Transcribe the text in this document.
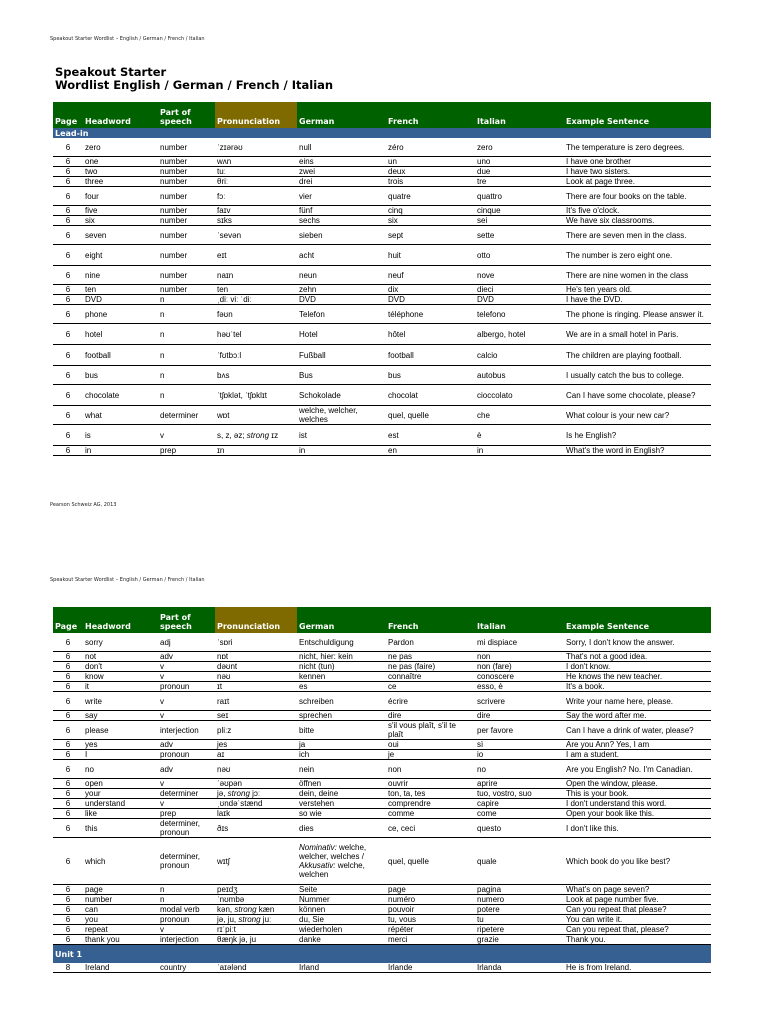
Speakout Starter Wordlist – English / German / French / Italian
Speakout Starter
Wordlist English / German / French / Italian
Page	Headword	Part of speech	Pronunciation	German	French	Italian	Example Sentence
Lead-in							
6	zero	number	ˈzɪərəʊ	null	zéro	zero	The temperature is zero degrees.
6	one	number	wʌn	eins	un	uno	I have one brother
6	two	number	tuː	zwei	deux	due	I have two sisters.
6	three	number	θriː	drei	trois	tre	Look at page three.
6	four	number	fɔː	vier	quatre	quattro	There are four books on the table.
6	five	number	faɪv	fünf	cinq	cinque	It's five o'clock.
6	six	number	sɪks	sechs	six	sei	We have six classrooms.
6	seven	number	ˈsevən	sieben	sept	sette	There are seven men in the class.
6	eight	number	eɪt	acht	huit	otto	The number is zero eight one.
6	nine	number	naɪn	neun	neuf	nove	There are nine women in the class
6	ten	number	ten	zehn	dix	dieci	He's ten years old.
6	DVD	n	ˌdiː viː ˈdiː	DVD	DVD	DVD	I have the DVD.
6	phone	n	fəʊn	Telefon	téléphone	telefono	The phone is ringing. Please answer it.
6	hotel	n	həʊˈtel	Hotel	hôtel	albergo, hotel	We are in a small hotel in Paris.
6	football	n	ˈfʊtbɔːl	Fußball	football	calcio	The children are playing football.
6	bus	n	bʌs	Bus	bus	autobus	I usually catch the bus to college.
6	chocolate	n	ˈtʃɒklət, ˈtʃɒklɪt	Schokolade	chocolat	cioccolato	Can I have some chocolate, please?
6	what	determiner	wɒt	welche, welcher, welches	quel, quelle	che	What colour is your new car?
6	is	v	s, z, əz; strong ɪz	ist	est	è	Is he English?
6	in	prep	ɪn	in	en	in	What's the word in English?
Pearson Schweiz AG, 2013
Speakout Starter Wordlist – English / German / French / Italian
Page	Headword	Part of speech	Pronunciation	German	French	Italian	Example Sentence
6	sorry	adj	ˈsɒri	Entschuldigung	Pardon	mi dispiace	Sorry, I don't know the answer.
6	not	adv	nɒt	nicht, hier: kein	ne pas	non	That's not a good idea.
6	don't	v	dəʊnt	nicht (tun)	ne pas (faire)	non (fare)	I don't know.
6	know	v	nəʊ	kennen	connaître	conoscere	He knows the new teacher.
6	it	pronoun	ɪt	es	ce	esso, è	It's a book.
6	write	v	raɪt	schreiben	écrire	scrivere	Write your name here, please.
6	say	v	seɪ	sprechen	dire	dire	Say the word after me.
6	please	interjection	pliːz	bitte	s'il vous plaît, s'il te plaît	per favore	Can I have a drink of water, please?
6	yes	adv	jes	ja	oui	sì	Are you Ann? Yes, I am
6	I	pronoun	aɪ	ich	je	io	I am a student.
6	no	adv	nəʊ	nein	non	no	Are you English? No. I'm Canadian.
6	open	v	ˈəʊpən	öffnen	ouvrir	aprire	Open the window, please.
6	your	determiner	jə, strong jɔː	dein, deine	ton, ta, tes	tuo, vostro, suo	This is your book.
6	understand	v	ˌʊndəˈstænd	verstehen	comprendre	capire	I don't understand this word.
6	like	prep	laɪk	so wie	comme	come	Open your book like this.
6	this	determiner, pronoun	ðɪs	dies	ce, ceci	questo	I don't like this.
6	which	determiner, pronoun	wɪtʃ	Nominativ: welche, welcher, welches / Akkusativ: welche, welchen	quel, quelle	quale	Which book do you like best?
6	page	n	peɪdʒ	Seite	page	pagina	What's on page seven?
6	number	n	ˈnʊmbə	Nummer	numéro	numero	Look at page number five.
6	can	modal verb	kən, strong kæn	können	pouvoir	potere	Can you repeat that please?
6	you	pronoun	jə, ju, strong juː	du, Sie	tu, vous	tu	You can write it.
6	repeat	v	rɪˈpiːt	wiederholen	répéter	ripetere	Can you repeat that, please?
6	thank you	interjection	θæŋk jə, ju	danke	merci	grazie	Thank you.
Unit 1							
8	Ireland	country	ˈaɪələnd	Irland	Irlande	Irlanda	He is from Ireland.
